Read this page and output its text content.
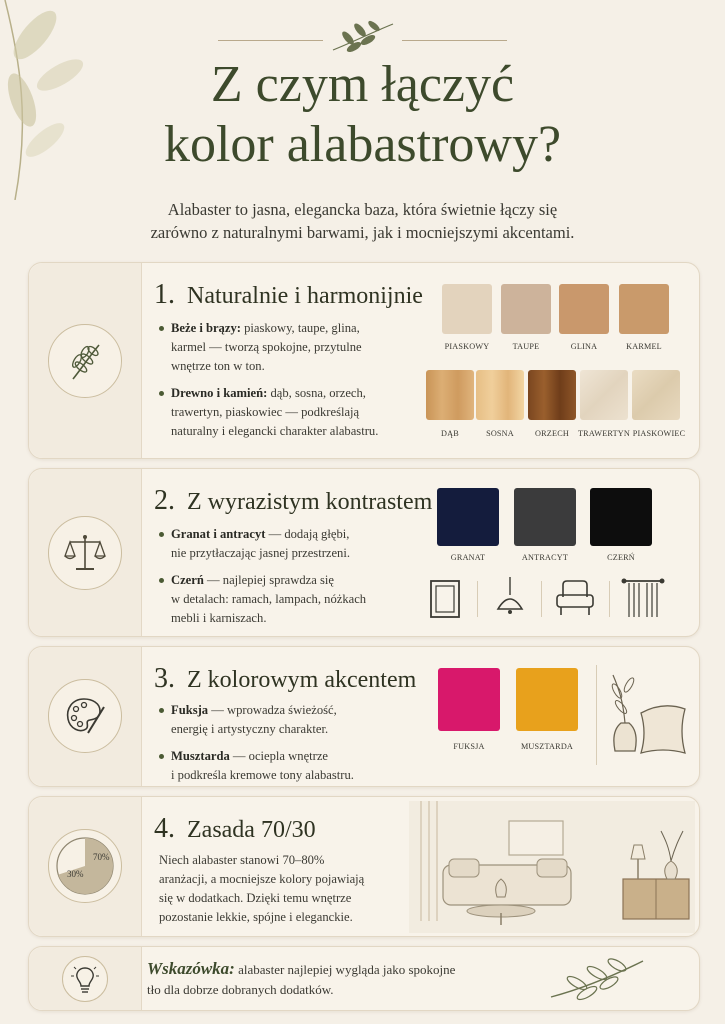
Z czym łączyć
kolor alabastrowy?
Alabaster to jasna, elegancka baza, która świetnie łączy się
zarówno z naturalnymi barwami, jak i mocniejszymi akcentami.
1. Naturalnie i harmonijnie
Beże i brązy: piaskowy, taupe, glina,
karmel — tworzą spokojne, przytulne
wnętrze ton w ton.
Drewno i kamień: dąb, sosna, orzech,
trawertyn, piaskowiec — podkreślają
naturalny i elegancki charakter alabastru.
PIASKOWY	TAUPE	GLINA	KARMEL
DĄB	SOSNA	ORZECH	TRAWERTYN PIASKOWIEC
2. Z wyrazistym kontrastem
Granat i antracyt — dodają głębi,
nie przytłaczając jasnej przestrzeni.
Czerń — najlepiej sprawdza się
w detalach: ramach, lampach, nóżkach
mebli i karniszach.
GRANAT	ANTRACYT	CZERŃ
3. Z kolorowym akcentem
Fuksja — wprowadza świeżość,
energię i artystyczny charakter.
Musztarda — ociepla wnętrze
i podkreśla kremowe tony alabastru.
FUKSJA	MUSZTARDA
70%
30%
4. Zasada 70/30
Niech alabaster stanowi 70–80%
aranżacji, a mocniejsze kolory pojawiają
się w dodatkach. Dzięki temu wnętrze
pozostanie lekkie, spójne i eleganckie.
Wskazówka: alabaster najlepiej wygląda jako spokojne
tło dla dobrze dobranych dodatków.
